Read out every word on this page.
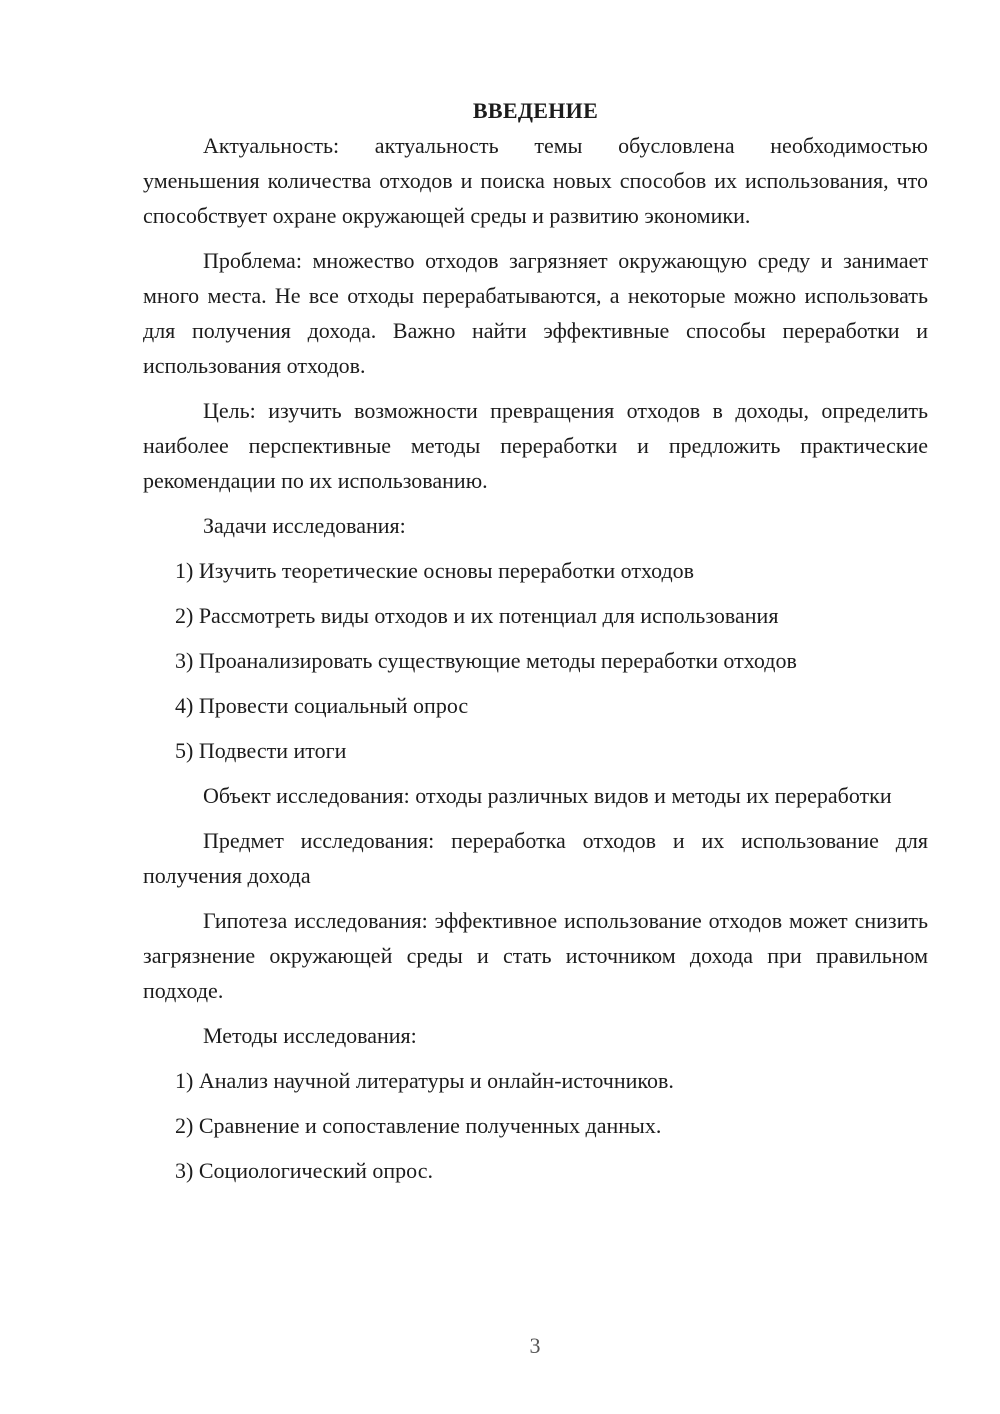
ВВЕДЕНИЕ

Актуальность: актуальность темы обусловлена необходимостью уменьшения количества отходов и поиска новых способов их использования, что способствует охране окружающей среды и развитию экономики.

Проблема: множество отходов загрязняет окружающую среду и занимает много места. Не все отходы перерабатываются, а некоторые можно использовать для получения дохода. Важно найти эффективные способы переработки и использования отходов.

Цель: изучить возможности превращения отходов в доходы, определить наиболее перспективные методы переработки и предложить практические рекомендации по их использованию.

Задачи исследования:

1) Изучить теоретические основы переработки отходов
2) Рассмотреть виды отходов и их потенциал для использования
3) Проанализировать существующие методы переработки отходов
4) Провести социальный опрос
5) Подвести итоги

Объект исследования: отходы различных видов и методы их переработки

Предмет исследования: переработка отходов и их использование для получения дохода

Гипотеза исследования: эффективное использование отходов может снизить загрязнение окружающей среды и стать источником дохода при правильном подходе.

Методы исследования:

1) Анализ научной литературы и онлайн-источников.
2) Сравнение и сопоставление полученных данных.
3) Социологический опрос.
3
